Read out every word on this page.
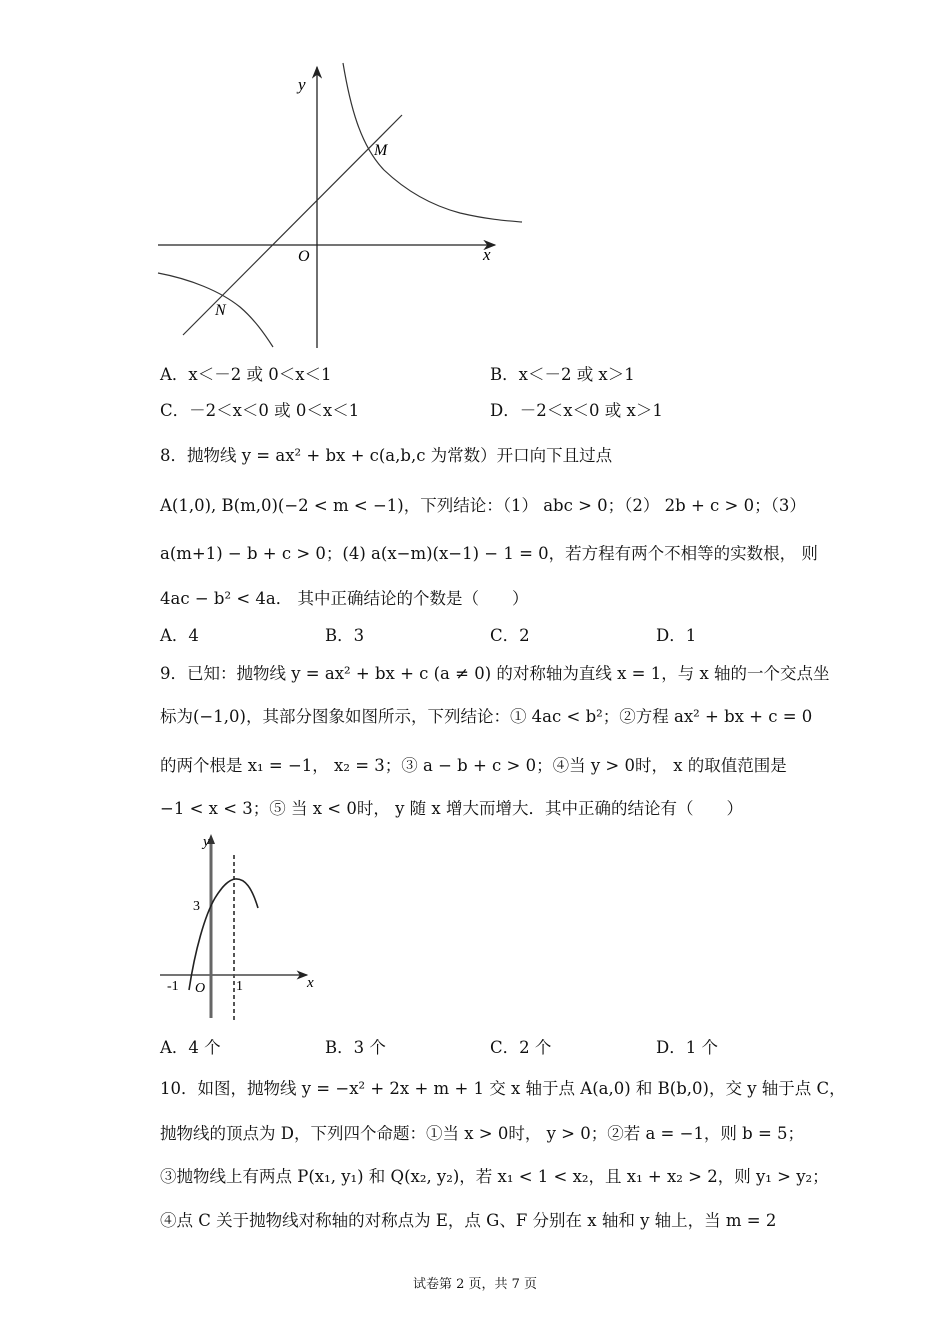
y
x
O
M
N
A．x＜－2 或 0＜x＜1	B．x＜－2 或 x＞1
C．－2＜x＜0 或 0＜x＜1	D．－2＜x＜0 或 x＞1
8．抛物线 y = ax² + bx + c(a,b,c 为常数）开口向下且过点
A(1,0), B(m,0)(−2 < m < −1)，下列结论：（1） abc > 0；（2） 2b + c > 0；（3）
a(m+1) − b + c > 0；(4) a(x−m)(x−1) − 1 = 0，若方程有两个不相等的实数根， 则
4ac − b² < 4a． 其中正确结论的个数是（　　）
A．4	B．3	C．2	D．1
9．已知：抛物线 y = ax² + bx + c (a ≠ 0) 的对称轴为直线 x = 1，与 x 轴的一个交点坐
标为(−1,0)，其部分图象如图所示，下列结论：① 4ac < b²；②方程 ax² + bx + c = 0
的两个根是 x₁ = −1， x₂ = 3；③ a − b + c > 0；④当 y > 0时， x 的取值范围是
−1 < x < 3；⑤ 当 x < 0时， y 随 x 增大而增大．其中正确的结论有（　　）
y
x
3
-1 O 1
A．4 个	B．3 个	C．2 个	D．1 个
10．如图，抛物线 y = −x² + 2x + m + 1 交 x 轴于点 A(a,0) 和 B(b,0)，交 y 轴于点 C，
抛物线的顶点为 D，下列四个命题：①当 x > 0时， y > 0；②若 a = −1，则 b = 5；
③抛物线上有两点 P(x₁, y₁) 和 Q(x₂, y₂)，若 x₁ < 1 < x₂，且 x₁ + x₂ > 2，则 y₁ > y₂；
④点 C 关于抛物线对称轴的对称点为 E，点 G、F 分别在 x 轴和 y 轴上，当 m = 2
试卷第 2 页，共 7 页
